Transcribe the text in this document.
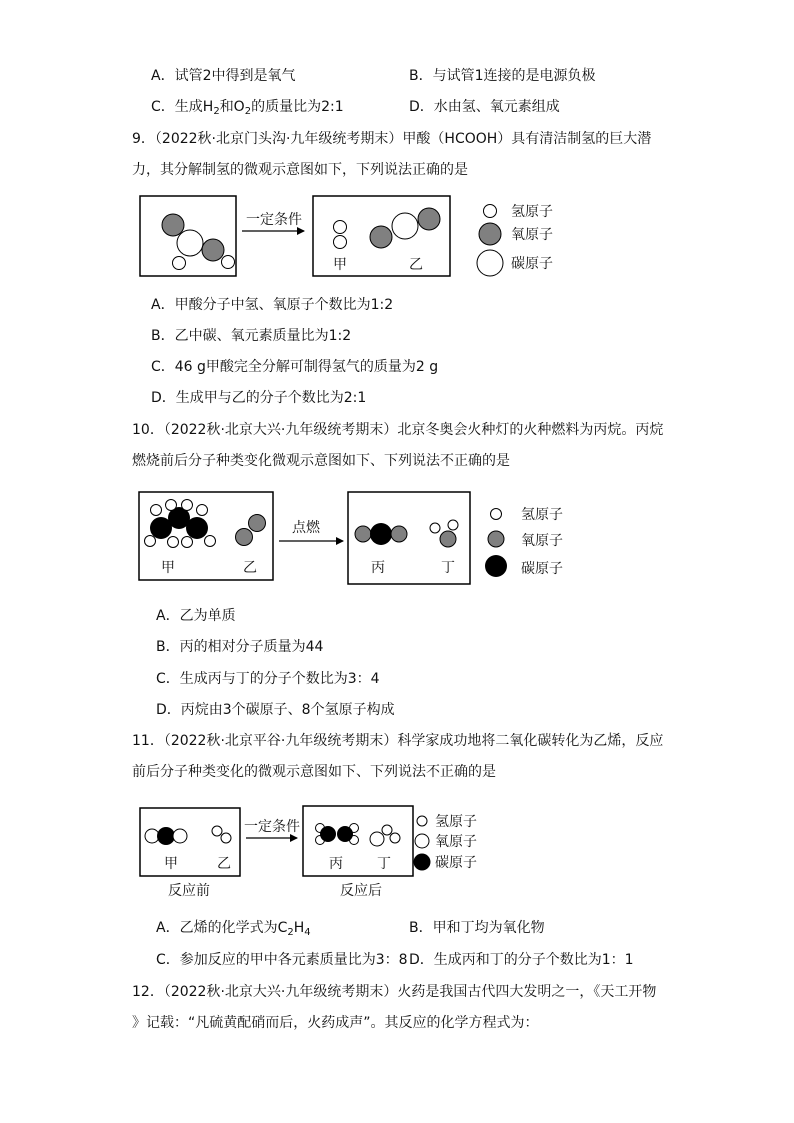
A．试管2中得到是氧气	B．与试管1连接的是电源负极
C．生成$H_2$和$O_2$的质量比为2:1	D．水由氢、氧元素组成
9．（2022秋·北京门头沟·九年级统考期末）甲酸（HCOOH）具有清洁制氢的巨大潜
力，其分解制氢的微观示意图如下，下列说法正确的是
一定条件
甲	乙
氢原子
氧原子
碳原子
A．甲酸分子中氢、氧原子个数比为1:2
B．乙中碳、氧元素质量比为1:2
C．46 g甲酸完全分解可制得氢气的质量为2 g
D．生成甲与乙的分子个数比为2:1
10．（2022秋·北京大兴·九年级统考期末）北京冬奥会火种灯的火种燃料为丙烷。丙烷
燃烧前后分子种类变化微观示意图如下、下列说法不正确的是
甲	乙
点燃
丙	丁
氢原子
氧原子
碳原子
A．乙为单质
B．丙的相对分子质量为44
C．生成丙与丁的分子个数比为3：4
D．丙烷由3个碳原子、8个氢原子构成
11．（2022秋·北京平谷·九年级统考期末）科学家成功地将二氧化碳转化为乙烯，反应
前后分子种类变化的微观示意图如下、下列说法不正确的是
甲	乙
一定条件
丙 丁
反应前	反应后
氢原子
氧原子
碳原子
A．乙烯的化学式为$C_2H_4$	B．甲和丁均为氧化物
C．参加反应的甲中各元素质量比为3：8 D．生成丙和丁的分子个数比为1：1
12．（2022秋·北京大兴·九年级统考期末）火药是我国古代四大发明之一，《天工开物
》记载：“凡硫黄配硝而后，火药成声”。其反应的化学方程式为：
